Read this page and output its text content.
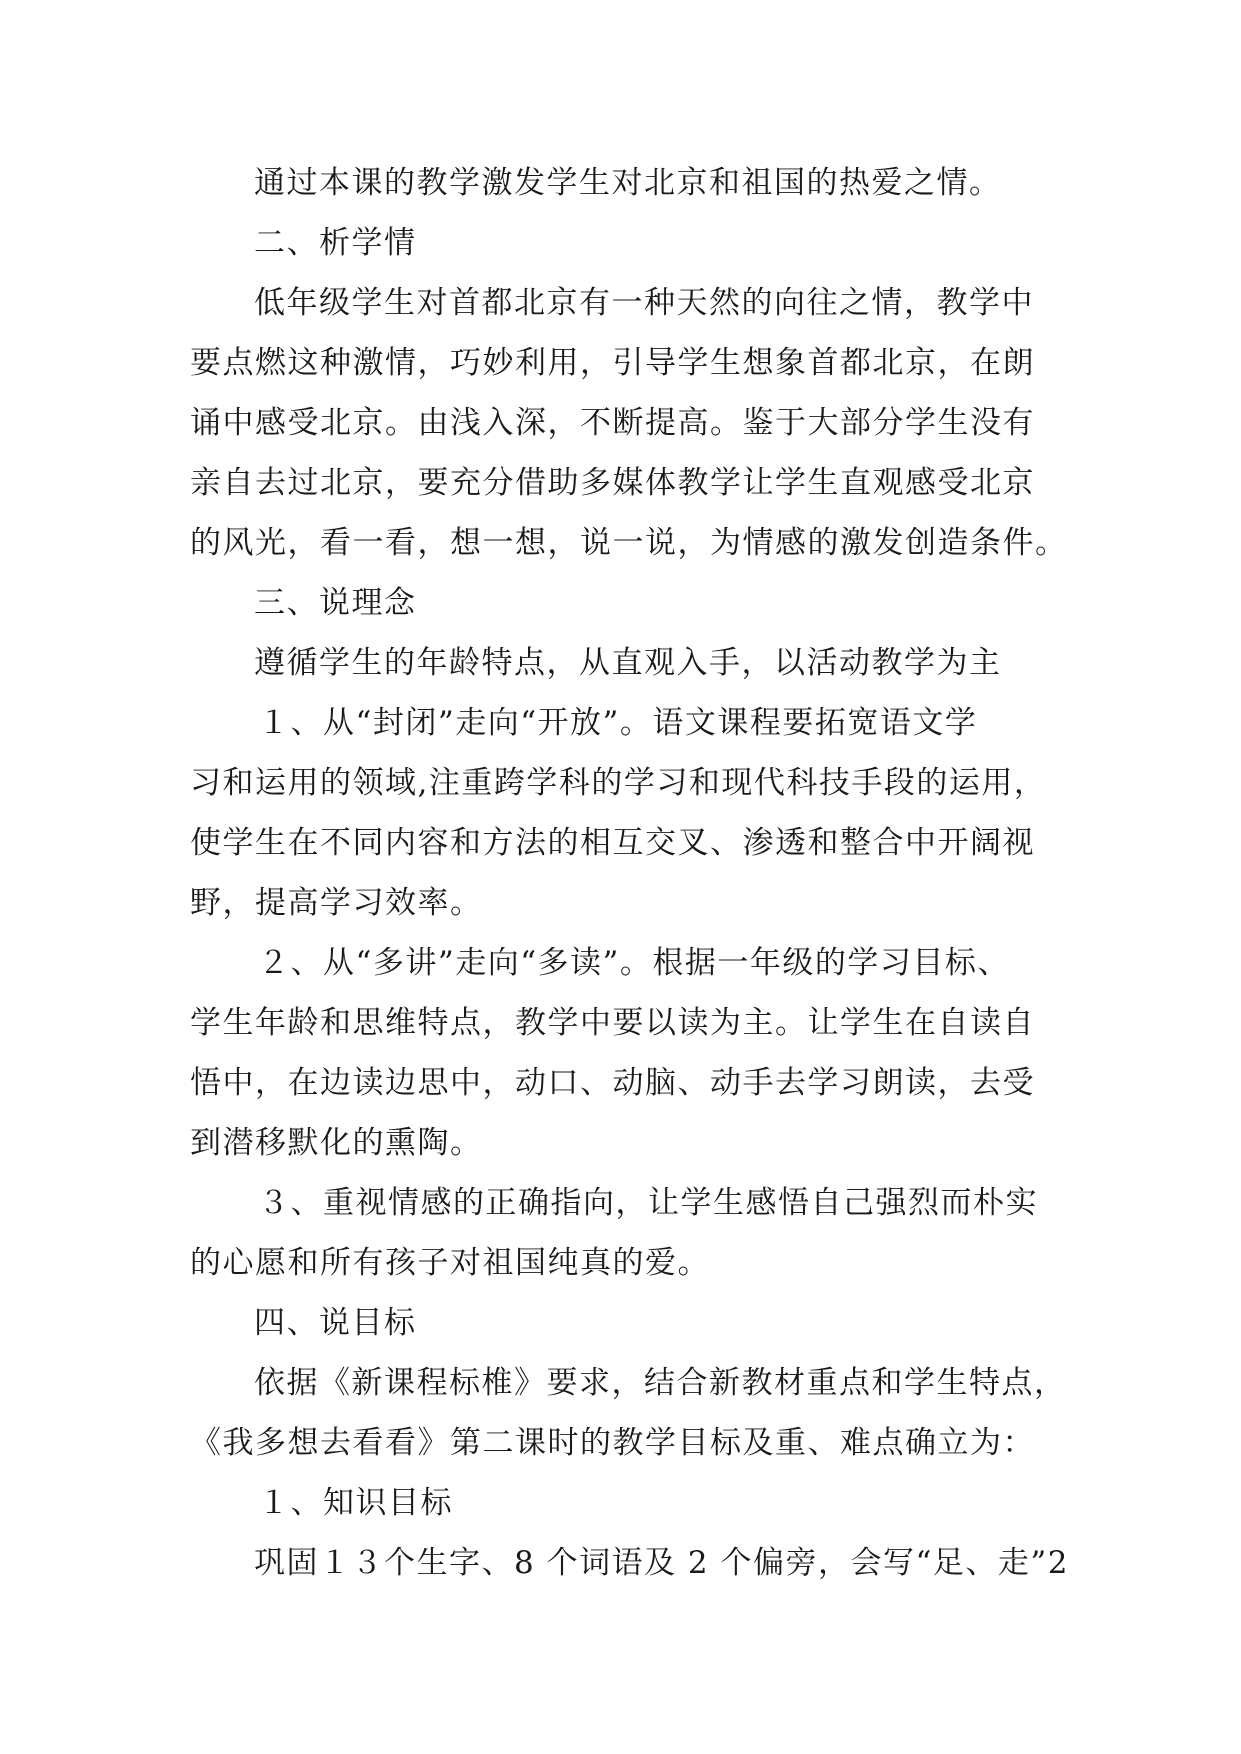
通过本课的教学激发学生对北京和祖国的热爱之情。
二、析学情
低年级学生对首都北京有一种天然的向往之情，教学中
要点燃这种激情，巧妙利用，引导学生想象首都北京，在朗
诵中感受北京。由浅入深，不断提高。鉴于大部分学生没有
亲自去过北京，要充分借助多媒体教学让学生直观感受北京
的风光，看一看，想一想，说一说，为情感的激发创造条件。
三、说理念
遵循学生的年龄特点，从直观入手，以活动教学为主
１、从“封闭”走向“开放”。语文课程要拓宽语文学
习和运用的领域,注重跨学科的学习和现代科技手段的运用，
使学生在不同内容和方法的相互交叉、渗透和整合中开阔视
野，提高学习效率。
２、从“多讲”走向“多读”。根据一年级的学习目标、
学生年龄和思维特点，教学中要以读为主。让学生在自读自
悟中，在边读边思中，动口、动脑、动手去学习朗读，去受
到潜移默化的熏陶。
３、重视情感的正确指向，让学生感悟自己强烈而朴实
的心愿和所有孩子对祖国纯真的爱。
四、说目标
依据《新课程标椎》要求，结合新教材重点和学生特点，
《我多想去看看》第二课时的教学目标及重、难点确立为：
１、知识目标
巩固１３个生字、8 个词语及 2 个偏旁，会写“足、走”2
